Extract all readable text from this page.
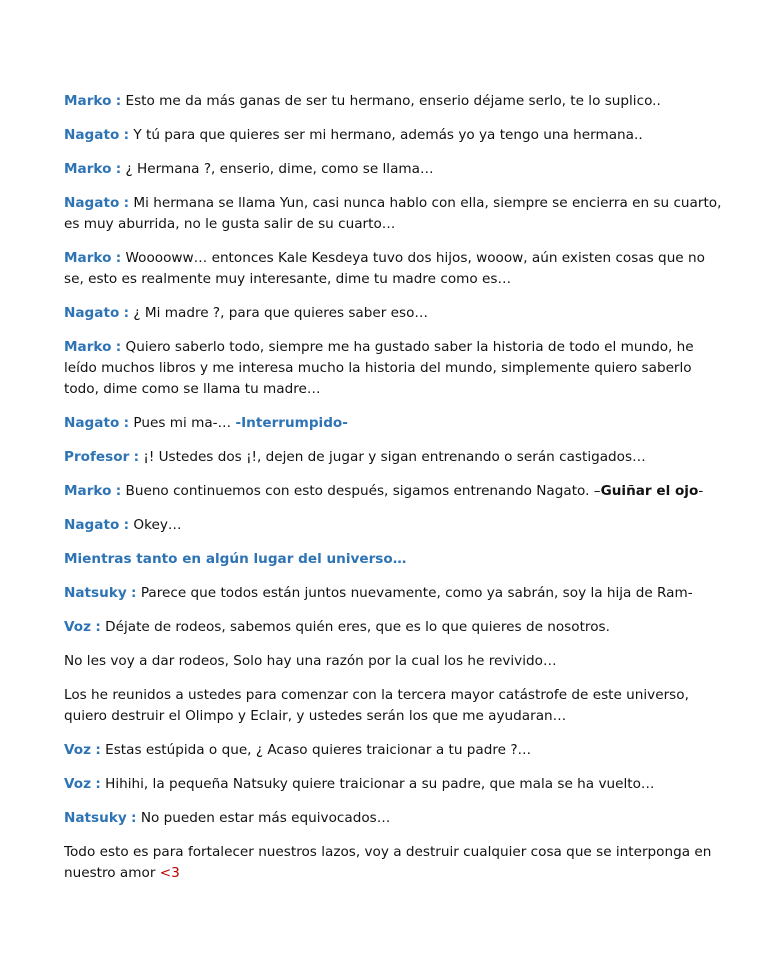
Marko : Esto me da más ganas de ser tu hermano, enserio déjame serlo, te lo suplico..

Nagato : Y tú para que quieres ser mi hermano, además yo ya tengo una hermana..

Marko : ¿ Hermana ?, enserio, dime, como se llama…

Nagato : Mi hermana se llama Yun, casi nunca hablo con ella, siempre se encierra en su cuarto, es muy aburrida, no le gusta salir de su cuarto…

Marko : Wooooww… entonces Kale Kesdeya tuvo dos hijos, wooow, aún existen cosas que no se, esto es realmente muy interesante, dime tu madre como es…

Nagato : ¿ Mi madre ?, para que quieres saber eso…

Marko : Quiero saberlo todo, siempre me ha gustado saber la historia de todo el mundo, he leído muchos libros y me interesa mucho la historia del mundo, simplemente quiero saberlo todo, dime como se llama tu madre…

Nagato : Pues mi ma-… -Interrumpido-

Profesor : ¡! Ustedes dos ¡!, dejen de jugar y sigan entrenando o serán castigados…

Marko : Bueno continuemos con esto después, sigamos entrenando Nagato. –Guiñar el ojo-

Nagato : Okey…

Mientras tanto en algún lugar del universo…

Natsuky : Parece que todos están juntos nuevamente, como ya sabrán, soy la hija de Ram-

Voz : Déjate de rodeos, sabemos quién eres, que es lo que quieres de nosotros.

No les voy a dar rodeos, Solo hay una razón por la cual los he revivido…

Los he reunidos a ustedes para comenzar con la tercera mayor catástrofe de este universo, quiero destruir el Olimpo y Eclair, y ustedes serán los que me ayudaran…

Voz : Estas estúpida o que, ¿ Acaso quieres traicionar a tu padre ?…

Voz : Hihihi, la pequeña Natsuky quiere traicionar a su padre, que mala se ha vuelto…

Natsuky : No pueden estar más equivocados…

Todo esto es para fortalecer nuestros lazos, voy a destruir cualquier cosa que se interponga en nuestro amor <3
